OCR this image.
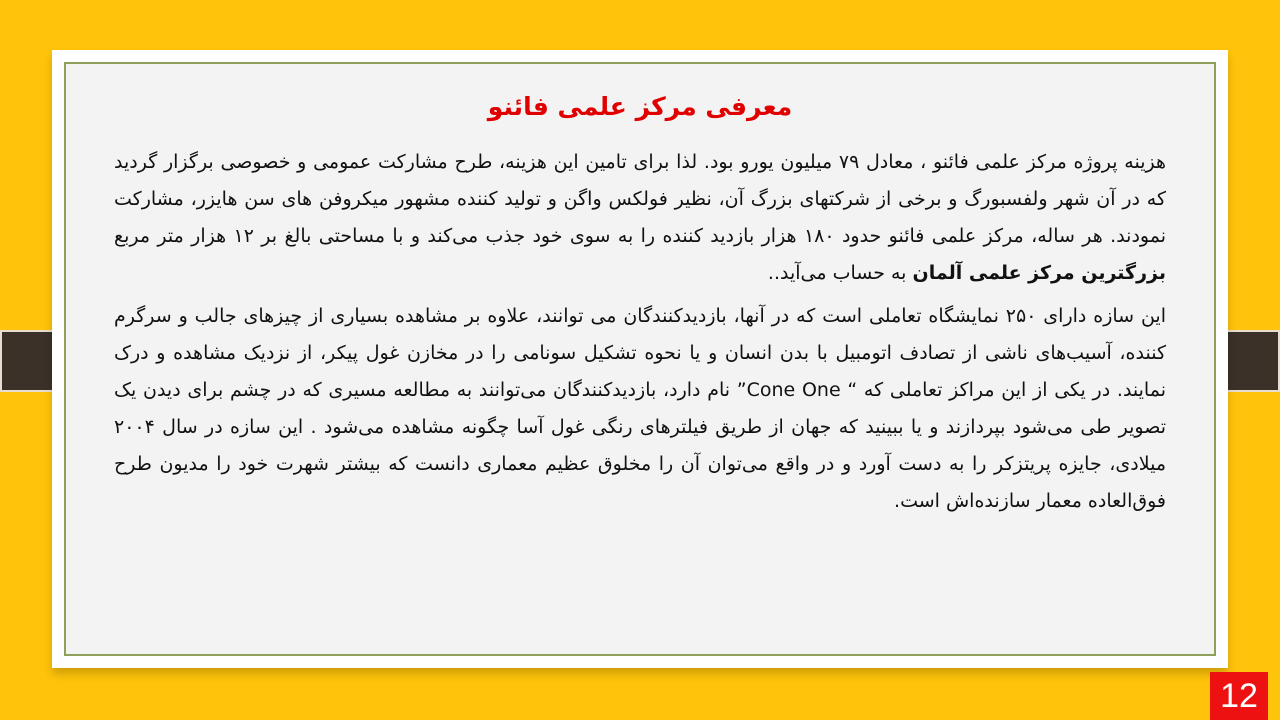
معرفی مرکز علمی فائنو

هزینه پروژه مرکز علمی فائنو ، معادل ۷۹ میلیون یورو بود. لذا برای تامین این هزینه، طرح مشارکت عمومی و خصوصی برگزار گردید که در آن شهر ولفسبورگ و برخی از شرکتهای بزرگ آن، نظیر فولکس واگن و تولید کننده مشهور میکروفن های سن هایزر، مشارکت نمودند. هر ساله، مرکز علمی فائنو حدود ۱۸۰ هزار بازدید کننده را به سوی خود جذب می‌کند و با مساحتی بالغ بر ۱۲ هزار متر مربع بزرگترین مرکز علمی آلمان به حساب می‌آید..

این سازه دارای ۲۵۰ نمایشگاه تعاملی است که در آنها، بازدیدکنندگان می توانند، علاوه بر مشاهده بسیاری از چیزهای جالب و سرگرم کننده، آسیب‌های ناشی از تصادف اتومبیل با بدن انسان و یا نحوه تشکیل سونامی را در مخازن غول پیکر، از نزدیک مشاهده و درک نمایند. در یکی از این مراکز تعاملی که “ Cone One” نام دارد، بازدیدکنندگان می‌توانند به مطالعه مسیری که در چشم برای دیدن یک تصویر طی می‌شود بپردازند و یا ببینید که جهان از طریق فیلترهای رنگی غول آسا چگونه مشاهده می‌شود . این سازه در سال ۲۰۰۴ میلادی، جایزه پریتزکر را به دست آورد و در واقع می‌توان آن را مخلوق عظیم معماری دانست که بیشتر شهرت خود را مدیون طرح فوق‌العاده معمار سازنده‌اش است.

12
